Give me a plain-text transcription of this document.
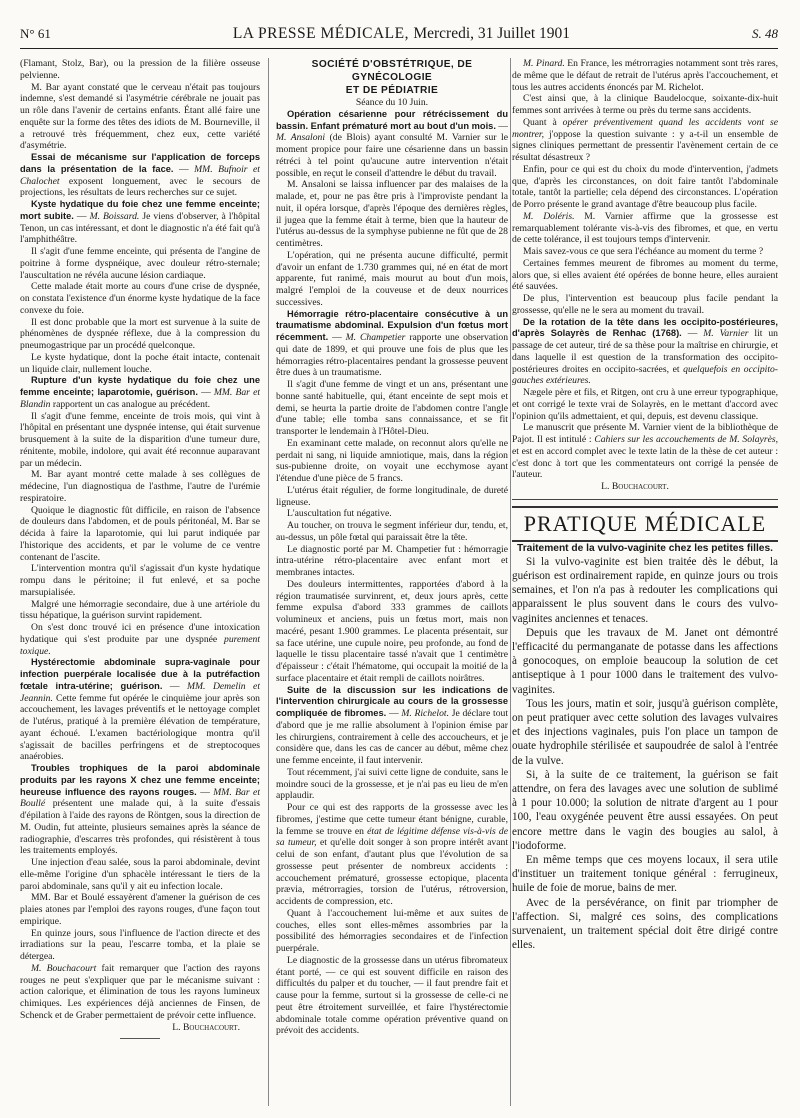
N° 61	LA PRESSE MÉDICALE, Mercredi, 31 Juillet 1901	S. 48

(Flamant, Stolz, Bar), ou la pression de la filière osseuse pelvienne.

M. Bar ayant constaté que le cerveau n'était pas toujours indemne, s'est demandé si l'asymétrie cérébrale ne jouait pas un rôle dans l'avenir de certains enfants. Étant allé faire une enquête sur la forme des têtes des idiots de M. Bourneville, il a retrouvé très fréquemment, chez eux, cette variété d'asymétrie.

Essai de mécanisme sur l'application de forceps dans la présentation de la face. — MM. Bufnoir et Chalochet exposent longuement, avec le secours de projections, les résultats de leurs recherches sur ce sujet.

Kyste hydatique du foie chez une femme enceinte; mort subite. — M. Boissard. Je viens d'observer, à l'hôpital Tenon, un cas intéressant, et dont le diagnostic n'a été fait qu'à l'amphithéâtre.

Il s'agit d'une femme enceinte, qui présenta de l'angine de poitrine à forme dyspnéique, avec douleur rétro-sternale; l'auscultation ne révéla aucune lésion cardiaque.

Cette malade était morte au cours d'une crise de dyspnée, on constata l'existence d'un énorme kyste hydatique de la face convexe du foie.

Il est donc probable que la mort est survenue à la suite de phénomènes de dyspnée réflexe, due à la compression du pneumogastrique par un procédé quelconque.

Le kyste hydatique, dont la poche était intacte, contenait un liquide clair, nullement louche.

Rupture d'un kyste hydatique du foie chez une femme enceinte; laparotomie, guérison. — MM. Bar et Blandin rapportent un cas analogue au précédent.

Il s'agit d'une femme, enceinte de trois mois, qui vint à l'hôpital en présentant une dyspnée intense, qui était survenue brusquement à la suite de la disparition d'une tumeur dure, rénitente, mobile, indolore, qui avait été reconnue auparavant par un médecin.

M. Bar ayant montré cette malade à ses collègues de médecine, l'un diagnostiqua de l'asthme, l'autre de l'urémie respiratoire.

Quoique le diagnostic fût difficile, en raison de l'absence de douleurs dans l'abdomen, et de pouls péritonéal, M. Bar se décida à faire la laparotomie, qui lui parut indiquée par l'historique des accidents, et par le volume de ce ventre contenant de l'ascite.

L'intervention montra qu'il s'agissait d'un kyste hydatique rompu dans le péritoine; il fut enlevé, et sa poche marsupialisée.

Malgré une hémorragie secondaire, due à une artériole du tissu hépatique, la guérison survint rapidement.

On s'est donc trouvé ici en présence d'une intoxication hydatique qui s'est produite par une dyspnée purement toxique.

Hystérectomie abdominale supra-vaginale pour infection puerpérale localisée due à la putréfaction fœtale intra-utérine; guérison. — MM. Demelin et Jeannin. Cette femme fut opérée le cinquième jour après son accouchement, les lavages préventifs et le nettoyage complet de l'utérus, pratiqué à la première élévation de température, ayant échoué. L'examen bactériologique montra qu'il s'agissait de bacilles perfringens et de streptocoques anaérobies.

Troubles trophiques de la paroi abdominale produits par les rayons X chez une femme enceinte; heureuse influence des rayons rouges. — MM. Bar et Boullé présentent une malade qui, à la suite d'essais d'épilation à l'aide des rayons de Röntgen, sous la direction de M. Oudin, fut atteinte, plusieurs semaines après la séance de radiographie, d'escarres très profondes, qui résistèrent à tous les traitements employés.

Une injection d'eau salée, sous la paroi abdominale, devint elle-même l'origine d'un sphacèle intéressant le tiers de la paroi abdominale, sans qu'il y ait eu infection locale.

MM. Bar et Boulé essayèrent d'amener la guérison de ces plaies atones par l'emploi des rayons rouges, d'une façon tout empirique.

En quinze jours, sous l'influence de l'action directe et des irradiations sur la peau, l'escarre tomba, et la plaie se détergea.

M. Bouchacourt fait remarquer que l'action des rayons rouges ne peut s'expliquer que par le mécanisme suivant : action calorique, et élimination de tous les rayons lumineux chimiques. Les expériences déjà anciennes de Finsen, de Schenck et de Graber permettaient de prévoir cette influence.

L. Bouchacourt.

SOCIÉTÉ D'OBSTÉTRIQUE, DE GYNÉCOLOGIE
ET DE PÉDIATRIE

Séance du 10 Juin.

Opération césarienne pour rétrécissement du bassin. Enfant prématuré mort au bout d'un mois. — M. Ansaloni (de Blois) ayant consulté M. Varnier sur le moment propice pour faire une césarienne dans un bassin rétréci à tel point qu'aucune autre intervention n'était possible, en reçut le conseil d'attendre le début du travail.

M. Ansaloni se laissa influencer par des malaises de la malade, et, pour ne pas être pris à l'improviste pendant la nuit, il opéra lorsque, d'après l'époque des dernières règles, il jugea que la femme était à terme, bien que la hauteur de l'utérus au-dessus de la symphyse pubienne ne fût que de 28 centimètres.

L'opération, qui ne présenta aucune difficulté, permit d'avoir un enfant de 1.730 grammes qui, né en état de mort apparente, fut ranimé, mais mourut au bout d'un mois, malgré l'emploi de la couveuse et de deux nourrices successives.

Hémorragie rétro-placentaire consécutive à un traumatisme abdominal. Expulsion d'un fœtus mort récemment. — M. Champetier rapporte une observation qui date de 1899, et qui prouve une fois de plus que les hémorragies rétro-placentaires pendant la grossesse peuvent être dues à un traumatisme.

Il s'agit d'une femme de vingt et un ans, présentant une bonne santé habituelle, qui, étant enceinte de sept mois et demi, se heurta la partie droite de l'abdomen contre l'angle d'une table; elle tomba sans connaissance, et se fit transporter le lendemain à l'Hôtel-Dieu.

En examinant cette malade, on reconnut alors qu'elle ne perdait ni sang, ni liquide amniotique, mais, dans la région sus-pubienne droite, on voyait une ecchymose ayant l'étendue d'une pièce de 5 francs.

L'utérus était régulier, de forme longitudinale, de dureté ligneuse.

L'auscultation fut négative.

Au toucher, on trouva le segment inférieur dur, tendu, et, au-dessus, un pôle fœtal qui paraissait être la tête.

Le diagnostic porté par M. Champetier fut : hémorragie intra-utérine rétro-placentaire avec enfant mort et membranes intactes.

Des douleurs intermittentes, rapportées d'abord à la région traumatisée survinrent, et, deux jours après, cette femme expulsa d'abord 333 grammes de caillots volumineux et anciens, puis un fœtus mort, mais non macéré, pesant 1.900 grammes. Le placenta présentait, sur sa face utérine, une cupule noire, peu profonde, au fond de laquelle le tissu placentaire tassé n'avait que 1 centimètre d'épaisseur : c'était l'hématome, qui occupait la moitié de la surface placentaire et était rempli de caillots noirâtres.

Suite de la discussion sur les indications de l'intervention chirurgicale au cours de la grossesse compliquée de fibromes. — M. Richelot. Je déclare tout d'abord que je me rallie absolument à l'opinion émise par les chirurgiens, contrairement à celle des accoucheurs, et je considère que, dans les cas de cancer au début, même chez une femme enceinte, il faut intervenir.

Tout récemment, j'ai suivi cette ligne de conduite, sans le moindre souci de la grossesse, et je n'ai pas eu lieu de m'en applaudir.

Pour ce qui est des rapports de la grossesse avec les fibromes, j'estime que cette tumeur étant bénigne, curable, la femme se trouve en état de légitime défense vis-à-vis de sa tumeur, et qu'elle doit songer à son propre intérêt avant celui de son enfant, d'autant plus que l'évolution de sa grossesse peut présenter de nombreux accidents : accouchement prématuré, grossesse ectopique, placenta prævia, métrorragies, torsion de l'utérus, rétroversion, accidents de compression, etc.

Quant à l'accouchement lui-même et aux suites de couches, elles sont elles-mêmes assombries par la possibilité des hémorragies secondaires et de l'infection puerpérale.

Le diagnostic de la grossesse dans un utérus fibromateux étant porté, — ce qui est souvent difficile en raison des difficultés du palper et du toucher, — il faut prendre fait et cause pour la femme, surtout si la grossesse de celle-ci ne peut être étroitement surveillée, et faire l'hystérectomie abdominale totale comme opération préventive quand on prévoit des accidents.

M. Pinard. En France, les métrorragies notamment sont très rares, de même que le défaut de retrait de l'utérus après l'accouchement, et tous les autres accidents énoncés par M. Richelot.

C'est ainsi que, à la clinique Baudelocque, soixante-dix-huit femmes sont arrivées à terme ou près du terme sans accidents.

Quant à opérer préventivement quand les accidents vont se montrer, j'oppose la question suivante : y a-t-il un ensemble de signes cliniques permettant de pressentir l'avènement certain de ce résultat désastreux ?

Enfin, pour ce qui est du choix du mode d'intervention, j'admets que, d'après les circonstances, on doit faire tantôt l'abdominale totale, tantôt la partielle; cela dépend des circonstances. L'opération de Porro présente le grand avantage d'être beaucoup plus facile.

M. Doléris. M. Varnier affirme que la grossesse est remarquablement tolérante vis-à-vis des fibromes, et que, en vertu de cette tolérance, il est toujours temps d'intervenir.

Mais savez-vous ce que sera l'échéance au moment du terme ?

Certaines femmes meurent de fibromes au moment du terme, alors que, si elles avaient été opérées de bonne heure, elles auraient été sauvées.

De plus, l'intervention est beaucoup plus facile pendant la grossesse, qu'elle ne le sera au moment du travail.

De la rotation de la tête dans les occipito-postérieures, d'après Solayrès de Renhac (1768). — M. Varnier lit un passage de cet auteur, tiré de sa thèse pour la maîtrise en chirurgie, et dans laquelle il est question de la transformation des occipito-postérieures droites en occipito-sacrées, et quelquefois en occipito-gauches extérieures.

Nægele père et fils, et Ritgen, ont cru à une erreur typographique, et ont corrigé le texte vrai de Solayrès, en le mettant d'accord avec l'opinion qu'ils admettaient, et qui, depuis, est devenu classique.

Le manuscrit que présente M. Varnier vient de la bibliothèque de Pajot. Il est intitulé : Cahiers sur les accouchements de M. Solayrès, et est en accord complet avec le texte latin de la thèse de cet auteur : c'est donc à tort que les commentateurs ont corrigé la pensée de l'auteur.

L. Bouchacourt.

PRATIQUE MÉDICALE

Traitement de la vulvo-vaginite chez les petites filles.

Si la vulvo-vaginite est bien traitée dès le début, la guérison est ordinairement rapide, en quinze jours ou trois semaines, et l'on n'a pas à redouter les complications qui apparaissent le plus souvent dans le cours des vulvo-vaginites anciennes et tenaces.

Depuis que les travaux de M. Janet ont démontré l'efficacité du permanganate de potasse dans les affections à gonocoques, on emploie beaucoup la solution de cet antiseptique à 1 pour 1000 dans le traitement des vulvo-vaginites.

Tous les jours, matin et soir, jusqu'à guérison complète, on peut pratiquer avec cette solution des lavages vulvaires et des injections vaginales, puis l'on place un tampon de ouate hydrophile stérilisée et saupoudrée de salol à l'entrée de la vulve.

Si, à la suite de ce traitement, la guérison se fait attendre, on fera des lavages avec une solution de sublimé à 1 pour 10.000; la solution de nitrate d'argent au 1 pour 100, l'eau oxygénée peuvent être aussi essayées. On peut encore mettre dans le vagin des bougies au salol, à l'iodoforme.

En même temps que ces moyens locaux, il sera utile d'instituer un traitement tonique général : ferrugineux, huile de foie de morue, bains de mer.

Avec de la persévérance, on finit par triompher de l'affection. Si, malgré ces soins, des complications survenaient, un traitement spécial doit être dirigé contre elles.
